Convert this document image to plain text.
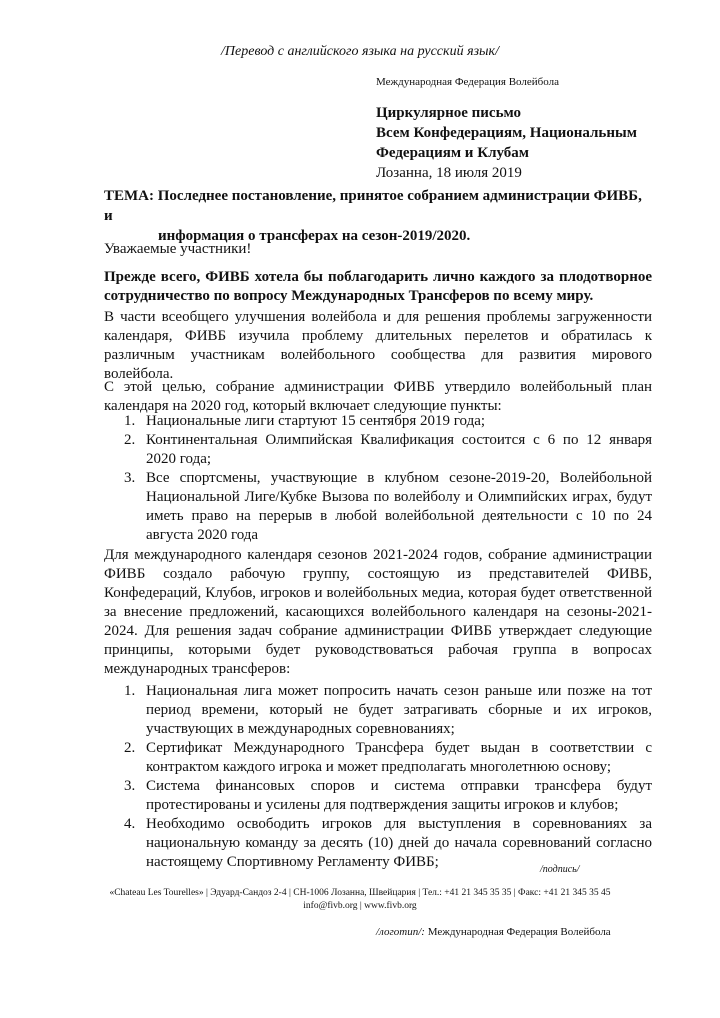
/Перевод с английского языка на русский язык/
Международная Федерация Волейбола
Циркулярное письмо
Всем Конфедерациям, Национальным
Федерациям и Клубам
Лозанна, 18 июля 2019
ТЕМА: Последнее постановление, принятое собранием администрации ФИВБ, и
информация о трансферах на сезон-2019/2020.
Уважаемые участники!
Прежде всего, ФИВБ хотела бы поблагодарить лично каждого за плодотворное сотрудничество по вопросу Международных Трансферов по всему миру.
В части всеобщего улучшения волейбола и для решения проблемы загруженности календаря, ФИВБ изучила проблему длительных перелетов и обратилась к различным участникам волейбольного сообщества для развития мирового волейбола.
С этой целью, собрание администрации ФИВБ утвердило волейбольный план календаря на 2020 год, который включает следующие пункты:
1. Национальные лиги стартуют 15 сентября 2019 года;
2. Континентальная Олимпийская Квалификация состоится с 6 по 12 января 2020 года;
3. Все спортсмены, участвующие в клубном сезоне-2019-20, Волейбольной Национальной Лиге/Кубке Вызова по волейболу и Олимпийских играх, будут иметь право на перерыв в любой волейбольной деятельности с 10 по 24 августа 2020 года
Для международного календаря сезонов 2021-2024 годов, собрание администрации ФИВБ создало рабочую группу, состоящую из представителей ФИВБ, Конфедераций, Клубов, игроков и волейбольных медиа, которая будет ответственной за внесение предложений, касающихся волейбольного календаря на сезоны-2021-2024. Для решения задач собрание администрации ФИВБ утверждает следующие принципы, которыми будет руководствоваться рабочая группа в вопросах международных трансферов:
1. Национальная лига может попросить начать сезон раньше или позже на тот период времени, который не будет затрагивать сборные и их игроков, участвующих в международных соревнованиях;
2. Сертификат Международного Трансфера будет выдан в соответствии с контрактом каждого игрока и может предполагать многолетнюю основу;
3. Система финансовых споров и система отправки трансфера будут протестированы и усилены для подтверждения защиты игроков и клубов;
4. Необходимо освободить игроков для выступления в соревнованиях за национальную команду за десять (10) дней до начала соревнований согласно настоящему Спортивному Регламенту ФИВБ;	/подпись/
«Chateau Les Tourelles» | Эдуард-Сандоз 2-4 | СН-1006 Лозанна, Швейцария | Тел.: +41 21 345 35 35 | Факс: +41 21 345 35 45
info@fivb.org | www.fivb.org
/логотип/: Международная Федерация Волейбола
